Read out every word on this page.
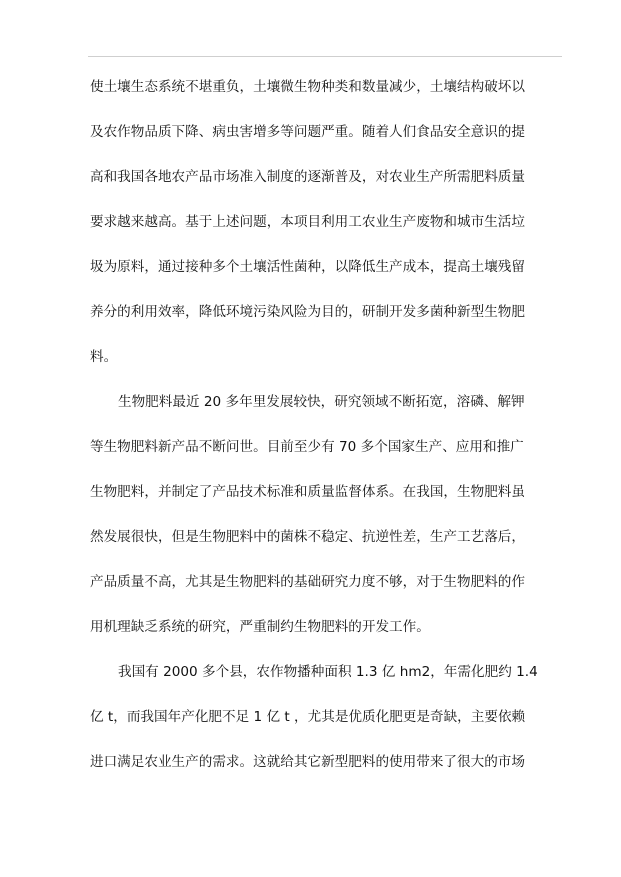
使土壤生态系统不堪重负，土壤微生物种类和数量减少，土壤结构破坏以
及农作物品质下降、病虫害增多等问题严重。随着人们食品安全意识的提
高和我国各地农产品市场准入制度的逐渐普及，对农业生产所需肥料质量
要求越来越高。基于上述问题，本项目利用工农业生产废物和城市生活垃
圾为原料，通过接种多个土壤活性菌种，以降低生产成本，提高土壤残留
养分的利用效率，降低环境污染风险为目的，研制开发多菌种新型生物肥
料。
生物肥料最近 20 多年里发展较快，研究领域不断拓宽，溶磷、解钾
等生物肥料新产品不断问世。目前至少有 70 多个国家生产、应用和推广
生物肥料，并制定了产品技术标准和质量监督体系。在我国，生物肥料虽
然发展很快，但是生物肥料中的菌株不稳定、抗逆性差，生产工艺落后，
产品质量不高，尤其是生物肥料的基础研究力度不够，对于生物肥料的作
用机理缺乏系统的研究，严重制约生物肥料的开发工作。
我国有 2000 多个县，农作物播种面积 1.3 亿 hm2，年需化肥约 1.4
亿 t，而我国年产化肥不足 1 亿 t ，尤其是优质化肥更是奇缺，主要依赖
进口满足农业生产的需求。这就给其它新型肥料的使用带来了很大的市场
